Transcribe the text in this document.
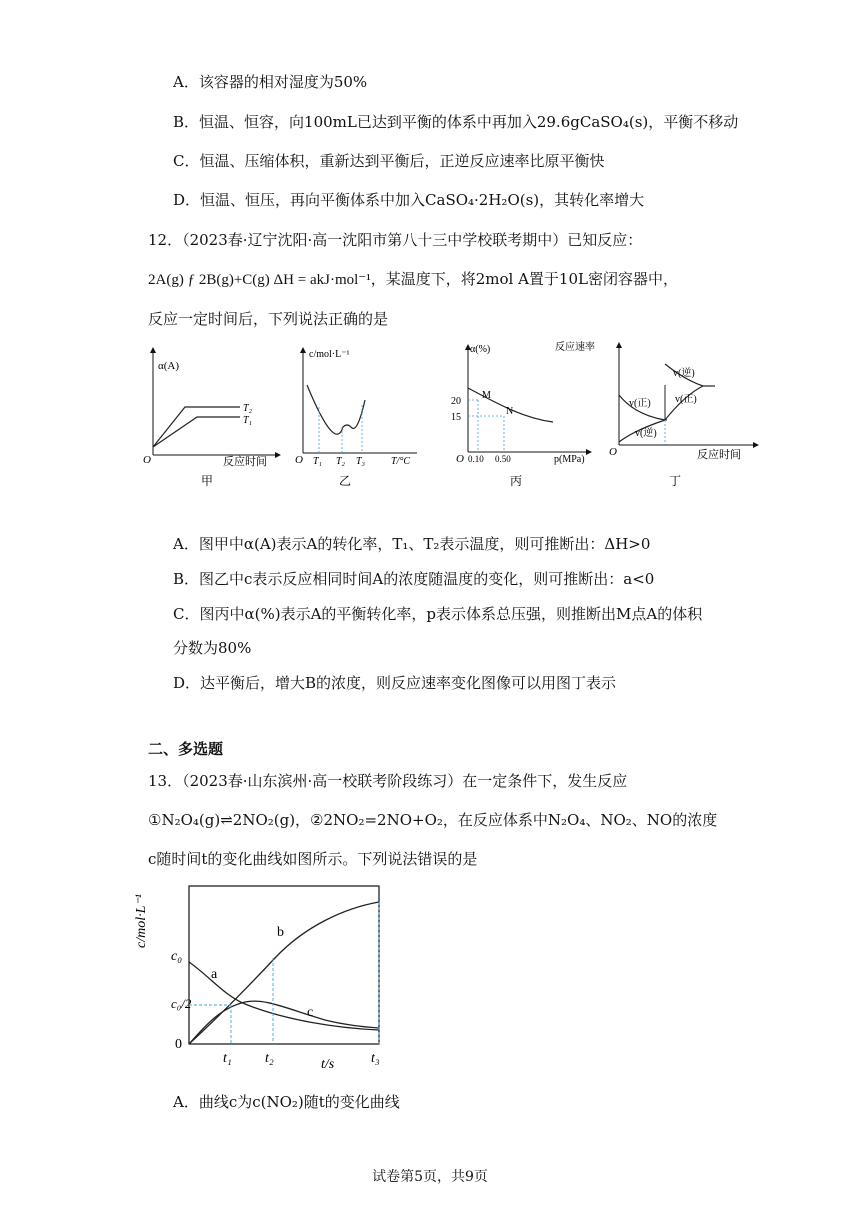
A．该容器的相对湿度为50%
B．恒温、恒容，向100mL已达到平衡的体系中再加入29.6gCaSO₄(s)，平衡不移动
C．恒温、压缩体积，重新达到平衡后，正逆反应速率比原平衡快
D．恒温、恒压，再向平衡体系中加入CaSO₄·2H₂O(s)，其转化率增大
12．（2023春·辽宁沈阳·高一沈阳市第八十三中学校联考期中）已知反应：
2A(g) ƒ 2B(g)+C(g) ΔH = akJ·mol⁻¹，某温度下，将2mol A置于10L密闭容器中，
反应一定时间后，下列说法正确的是
α(A)
T₂
T₁
O	反应时间
甲
c/mol·L⁻¹
O T₁ T₂ T₃	T/°C
乙
α(%)
20
15
M
N
O 0.10 0.50	p(MPa)
丙
反应速率
v(逆)
v(正) v(正)
v(逆)
O	反应时间
丁
A．图甲中α(A)表示A的转化率，T₁、T₂表示温度，则可推断出：ΔH>0
B．图乙中c表示反应相同时间A的浓度随温度的变化，则可推断出：a<0
C．图丙中α(%)表示A的平衡转化率，p表示体系总压强，则推断出M点A的体积
分数为80%
D．达平衡后，增大B的浓度，则反应速率变化图像可以用图丁表示
二、多选题
13．（2023春·山东滨州·高一校联考阶段练习）在一定条件下，发生反应
①N₂O₄(g)⇌2NO₂(g)，②2NO₂=2NO+O₂，在反应体系中N₂O₄、NO₂、NO的浓度
c随时间t的变化曲线如图所示。下列说法错误的是
c/mol·L⁻¹
c₀
c₀/2
0
a
b
c
t₁ t₂	t₃
t/s
A．曲线c为c(NO₂)随t的变化曲线
试卷第5页，共9页
